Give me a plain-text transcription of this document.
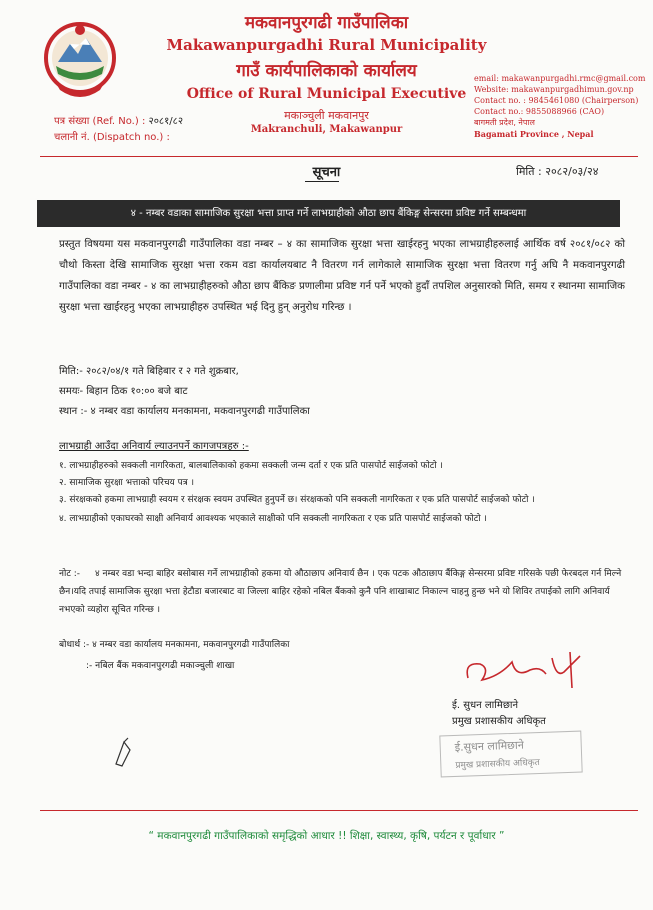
मकवानपुरगढी गाउँपालिका
Makawanpurgadhi Rural Municipality
गाउँ कार्यपालिकाको कार्यालय
Office of Rural Municipal Executive
मकाञ्चुली मकवानपुर
Makranchuli, Makawanpur
email: makawanpurgadhi.rmc@gmail.com
Website: makawanpurgadhimun.gov.np
Contact no. : 9845461080 (Chairperson)
Contact no.: 9855088966 (CAO)
बागमती प्रदेश, नेपाल
Bagamati Province , Nepal
पत्र संख्या (Ref. No.) : २०८१/८२
चलानी नं. (Dispatch no.) :
सूचना	मिति : २०८२/०३/२४
४ - नम्बर वडाका सामाजिक सुरक्षा भत्ता प्राप्त गर्ने लाभग्राहीको औठा छाप बैंकिङ्ग सेन्सरमा प्रविष्ट गर्ने सम्बन्धमा

प्रस्तुत विषयमा यस मकवानपुरगढी गाउँपालिका वडा नम्बर – ४ का सामाजिक सुरक्षा भत्ता खाईरहनु भएका लाभग्राहीहरुलाई आर्थिक वर्ष २०८१/०८२ को चौथो किस्ता देखि सामाजिक सुरक्षा भत्ता रकम वडा कार्यालयबाट नै वितरण गर्न लागेकाले सामाजिक सुरक्षा भत्ता वितरण गर्नु अघि नै मकवानपुरगढी गाउँपालिका वडा नम्बर - ४ का लाभग्राहीहरुको औठा छाप बैंकिङ प्रणालीमा प्रविष्ट गर्न पर्ने भएको हुदाँ तपशिल अनुसारको मिति, समय र स्थानमा सामाजिक सुरक्षा भत्ता खाईरहनु भएका लाभग्राहीहरु उपस्थित भई दिनु हुन् अनुरोध गरिन्छ ।

मिति:- २०८२/०४/१ गते बिहिबार र २ गते शुक्रबार,
समयः- बिहान ठिक १०:०० बजे बाट
स्थान :- ४ नम्बर वडा कार्यालय मनकामना, मकवानपुरगढी गाउँपालिका
लाभग्राही आउँदा अनिवार्य ल्याउनपर्ने कागजपत्रहरु :-

१. लाभग्राहीहरुको सक्कली नागरिकता, बालबालिकाको हकमा सक्कली जन्म दर्ता र एक प्रति पासपोर्ट साईजको फोटो ।

२. सामाजिक सुरक्षा भत्ताको परिचय पत्र ।

३. संरक्षकको हकमा लाभग्राही स्वयम र संरक्षक स्वयम उपस्थित हुनुपर्ने छ। संरक्षकको पनि सक्कली नागरिकता र एक प्रति पासपोर्ट साईजको फोटो ।

४. लाभग्राहीको एकाघरको साक्षी अनिवार्य आवश्यक भएकाले साक्षीको पनि सक्कली नागरिकता र एक प्रति पासपोर्ट साईजको फोटो ।

नोट :- ४ नम्बर वडा भन्दा बाहिर बसोबास गर्ने लाभग्राहीको हकमा यो औठाछाप अनिवार्य छैन । एक पटक औठाछाप बैंकिङ्ग सेन्सरमा प्रविष्ट गरिसके पछी फेरबदल गर्न मिल्ने छैन।यदि तपाई सामाजिक सुरक्षा भत्ता हेटौडा बजारबाट वा जिल्ला बाहिर रहेको नबिल बैंकको कुनै पनि शाखाबाट निकाल्न चाहनु हुन्छ भने यो शिविर तपाईको लागि अनिवार्य नभएको व्यहोरा सूचित गरिन्छ ।
बोधार्थ :- ४ नम्बर वडा कार्यालय मनकामना, मकवानपुरगढी गाउँपालिका
:- नबिल बैंक मकवानपुरगढी मकाञ्चुली शाखा
ई. सुधन लामिछाने
प्रमुख प्रशासकीय अधिकृत
ई.सुधन लामिछाने
प्रमुख प्रशासकीय अधिकृत
“ मकवानपुरगढी गाउँपालिकाको समृद्धिको आधार !! शिक्षा, स्वास्थ्य, कृषि, पर्यटन र पूर्वाधार ”
